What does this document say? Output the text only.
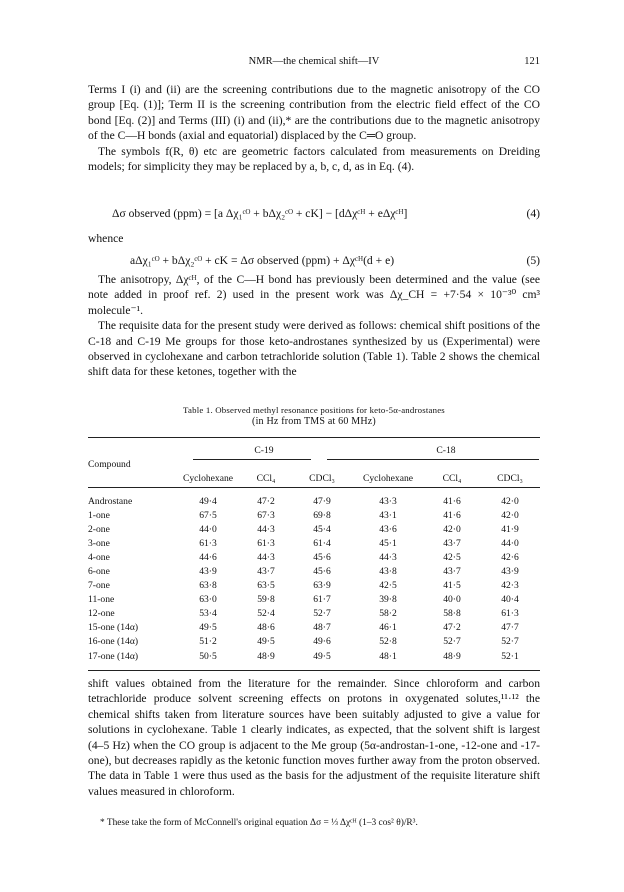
NMR—the chemical shift—IV	121

Terms I (i) and (ii) are the screening contributions due to the magnetic anisotropy of the CO group [Eq. (1)]; Term II is the screening contribution from the electric field effect of the CO bond [Eq. (2)] and Terms (III) (i) and (ii),* are the contributions due to the magnetic anisotropy of the C—H bonds (axial and equatorial) displaced by the C═O group.

The symbols f(R, θ) etc are geometric factors calculated from measurements on Dreiding models; for simplicity they may be replaced by a, b, c, d, as in Eq. (4).

Δσ observed (ppm) = [a Δχ₁ᶜᴼ + bΔχ₂ᶜᴼ + cK] − [dΔχᶜᴴ + eΔχᶜᴴ]	(4)
whence
aΔχ₁ᶜᴼ + bΔχ₂ᶜᴼ + cK = Δσ observed (ppm) + Δχᶜᴴ(d + e)	(5)

The anisotropy, Δχᶜᴴ, of the C—H bond has previously been determined and the value (see note added in proof ref. 2) used in the present work was Δχ_CH = +7·54 × 10⁻³⁰ cm³ molecule⁻¹.

The requisite data for the present study were derived as follows: chemical shift positions of the C-18 and C-19 Me groups for those keto-androstanes synthesized by us (Experimental) were observed in cyclohexane and carbon tetrachloride solution (Table 1). Table 2 shows the chemical shift data for these ketones, together with the

Table 1. Observed methyl resonance positions for keto-5α-androstanes
(in Hz from TMS at 60 MHz)
	C-19			C-18		
Compound						
	Cyclohexane	CCl₄	CDCl₃	Cyclohexane	CCl₄	CDCl₃

Androstane	49·4	47·2	47·9	43·3	41·6	42·0
1-one	67·5	67·3	69·8	43·1	41·6	42·0
2-one	44·0	44·3	45·4	43·6	42·0	41·9
3-one	61·3	61·3	61·4	45·1	43·7	44·0
4-one	44·6	44·3	45·6	44·3	42·5	42·6
6-one	43·9	43·7	45·6	43·8	43·7	43·9
7-one	63·8	63·5	63·9	42·5	41·5	42·3
11-one	63·0	59·8	61·7	39·8	40·0	40·4
12-one	53·4	52·4	52·7	58·2	58·8	61·3
15-one (14α)	49·5	48·6	48·7	46·1	47·2	47·7
16-one (14α)	51·2	49·5	49·6	52·8	52·7	52·7
17-one (14α)	50·5	48·9	49·5	48·1	48·9	52·1

shift values obtained from the literature for the remainder. Since chloroform and carbon tetrachloride produce solvent screening effects on protons in oxygenated solutes,¹¹·¹² the chemical shifts taken from literature sources have been suitably adjusted to give a value for solutions in cyclohexane. Table 1 clearly indicates, as expected, that the solvent shift is largest (4–5 Hz) when the CO group is adjacent to the Me group (5α-androstan-1-one, -12-one and -17-one), but decreases rapidly as the ketonic function moves further away from the proton observed. The data in Table 1 were thus used as the basis for the adjustment of the requisite literature shift values measured in chloroform.

* These take the form of McConnell's original equation Δσ = ⅓ Δχᶜᴴ (1–3 cos² θ)/R³.
